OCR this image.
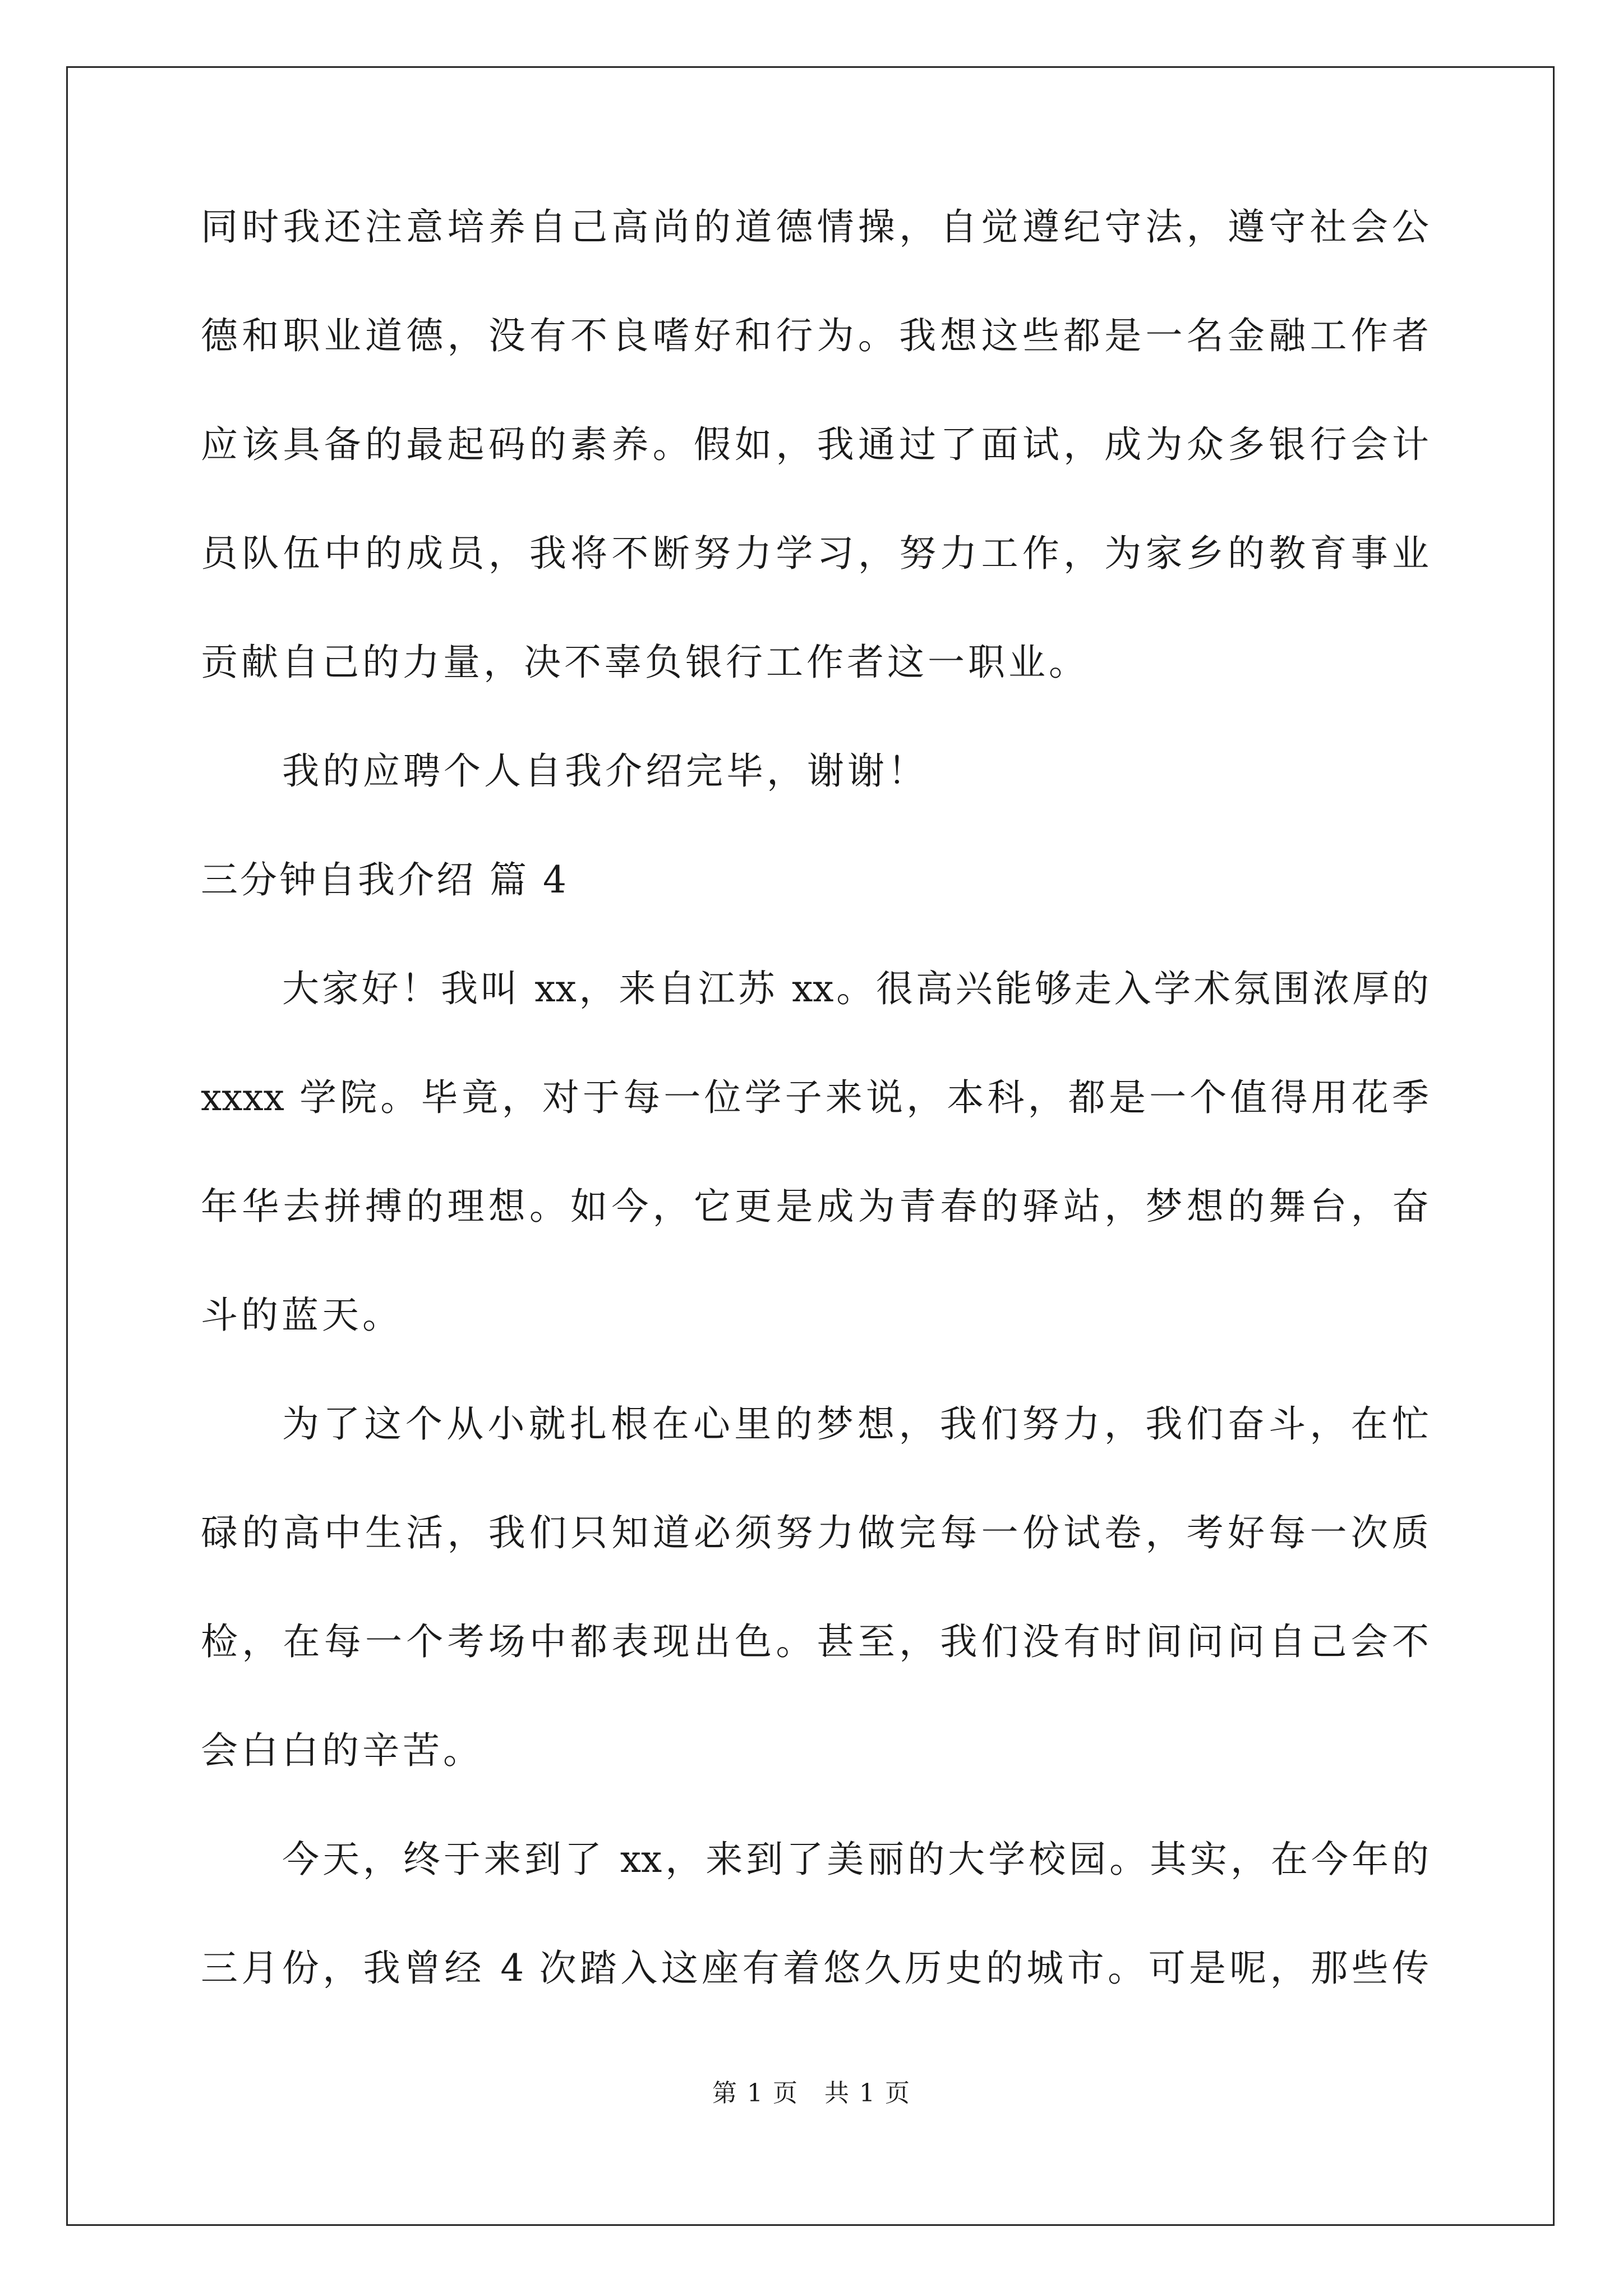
同时我还注意培养自己高尚的道德情操，自觉遵纪守法，遵守社会公
德和职业道德，没有不良嗜好和行为。我想这些都是一名金融工作者
应该具备的最起码的素养。假如，我通过了面试，成为众多银行会计
员队伍中的成员，我将不断努力学习，努力工作，为家乡的教育事业
贡献自己的力量，决不辜负银行工作者这一职业。
我的应聘个人自我介绍完毕，谢谢！
三分钟自我介绍 篇 4
大家好！我叫 xx，来自江苏 xx。很高兴能够走入学术氛围浓厚的
xxxx 学院。毕竟，对于每一位学子来说，本科，都是一个值得用花季
年华去拼搏的理想。如今，它更是成为青春的驿站，梦想的舞台，奋
斗的蓝天。
为了这个从小就扎根在心里的梦想，我们努力，我们奋斗，在忙
碌的高中生活，我们只知道必须努力做完每一份试卷，考好每一次质
检，在每一个考场中都表现出色。甚至，我们没有时间问问自己会不
会白白的辛苦。
今天，终于来到了 xx，来到了美丽的大学校园。其实，在今年的
三月份，我曾经 4 次踏入这座有着悠久历史的城市。可是呢，那些传
第 1 页　共 1 页
